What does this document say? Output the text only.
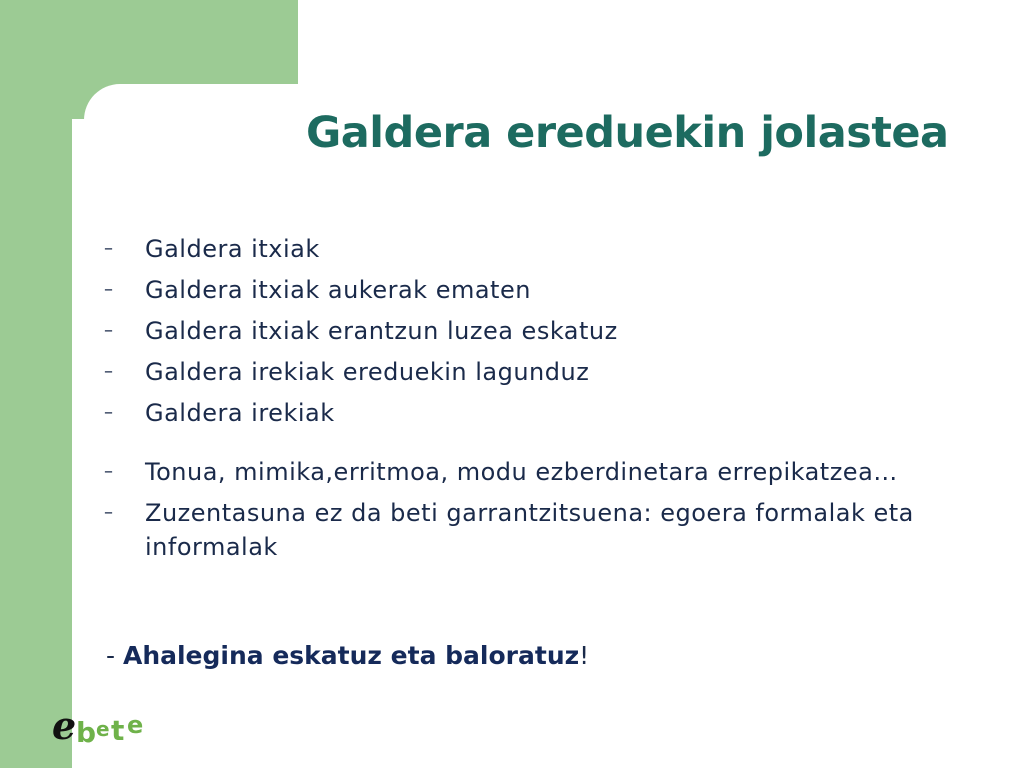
Galdera ereduekin jolastea
– Galdera itxiak
– Galdera itxiak aukerak ematen
– Galdera itxiak erantzun luzea eskatuz
– Galdera irekiak ereduekin lagunduz
– Galdera irekiak
– Tonua, mimika,erritmoa, modu ezberdinetara errepikatzea…
– Zuzentasuna ez da beti garrantzitsuena: egoera formalak eta informalak

- Ahalegina eskatuz eta baloratuz!

e b e t e
